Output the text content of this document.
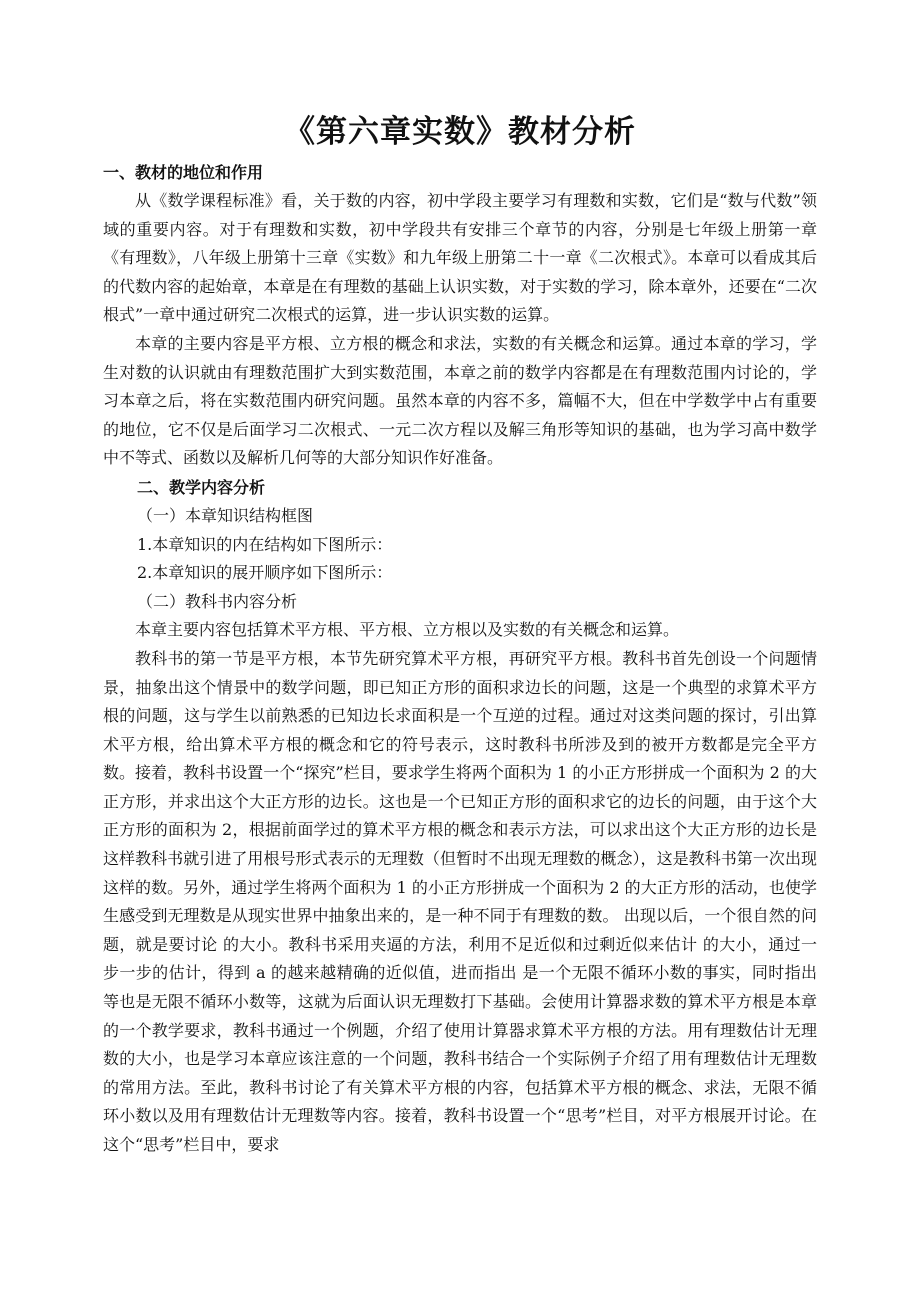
《第六章实数》教材分析
一、教材的地位和作用

从《数学课程标准》看，关于数的内容，初中学段主要学习有理数和实数，它们是“数与代数”领域的重要内容。对于有理数和实数，初中学段共有安排三个章节的内容，分别是七年级上册第一章《有理数》，八年级上册第十三章《实数》和九年级上册第二十一章《二次根式》。本章可以看成其后的代数内容的起始章，本章是在有理数的基础上认识实数，对于实数的学习，除本章外，还要在“二次根式”一章中通过研究二次根式的运算，进一步认识实数的运算。

本章的主要内容是平方根、立方根的概念和求法，实数的有关概念和运算。通过本章的学习，学生对数的认识就由有理数范围扩大到实数范围，本章之前的数学内容都是在有理数范围内讨论的，学习本章之后，将在实数范围内研究问题。虽然本章的内容不多，篇幅不大，但在中学数学中占有重要的地位，它不仅是后面学习二次根式、一元二次方程以及解三角形等知识的基础，也为学习高中数学中不等式、函数以及解析几何等的大部分知识作好准备。

二、教学内容分析

（一）本章知识结构框图

1.本章知识的内在结构如下图所示：

2.本章知识的展开顺序如下图所示：

（二）教科书内容分析

本章主要内容包括算术平方根、平方根、立方根以及实数的有关概念和运算。

教科书的第一节是平方根，本节先研究算术平方根，再研究平方根。教科书首先创设一个问题情景，抽象出这个情景中的数学问题，即已知正方形的面积求边长的问题，这是一个典型的求算术平方根的问题，这与学生以前熟悉的已知边长求面积是一个互逆的过程。通过对这类问题的探讨，引出算术平方根，给出算术平方根的概念和它的符号表示，这时教科书所涉及到的被开方数都是完全平方数。接着，教科书设置一个“探究”栏目，要求学生将两个面积为 1 的小正方形拼成一个面积为 2 的大正方形，并求出这个大正方形的边长。这也是一个已知正方形的面积求它的边长的问题，由于这个大正方形的面积为 2，根据前面学过的算术平方根的概念和表示方法，可以求出这个大正方形的边长是 这样教科书就引进了用根号形式表示的无理数（但暂时不出现无理数的概念），这是教科书第一次出现这样的数。另外，通过学生将两个面积为 1 的小正方形拼成一个面积为 2 的大正方形的活动，也使学生感受到无理数是从现实世界中抽象出来的，是一种不同于有理数的数。 出现以后，一个很自然的问题，就是要讨论 的大小。教科书采用夹逼的方法，利用不足近似和过剩近似来估计 的大小，通过一步一步的估计，得到 a 的越来越精确的近似值，进而指出 是一个无限不循环小数的事实，同时指出 等也是无限不循环小数等，这就为后面认识无理数打下基础。会使用计算器求数的算术平方根是本章的一个教学要求，教科书通过一个例题，介绍了使用计算器求算术平方根的方法。用有理数估计无理数的大小，也是学习本章应该注意的一个问题，教科书结合一个实际例子介绍了用有理数估计无理数的常用方法。至此，教科书讨论了有关算术平方根的内容，包括算术平方根的概念、求法，无限不循环小数以及用有理数估计无理数等内容。接着，教科书设置一个“思考”栏目，对平方根展开讨论。在这个“思考”栏目中，要求
